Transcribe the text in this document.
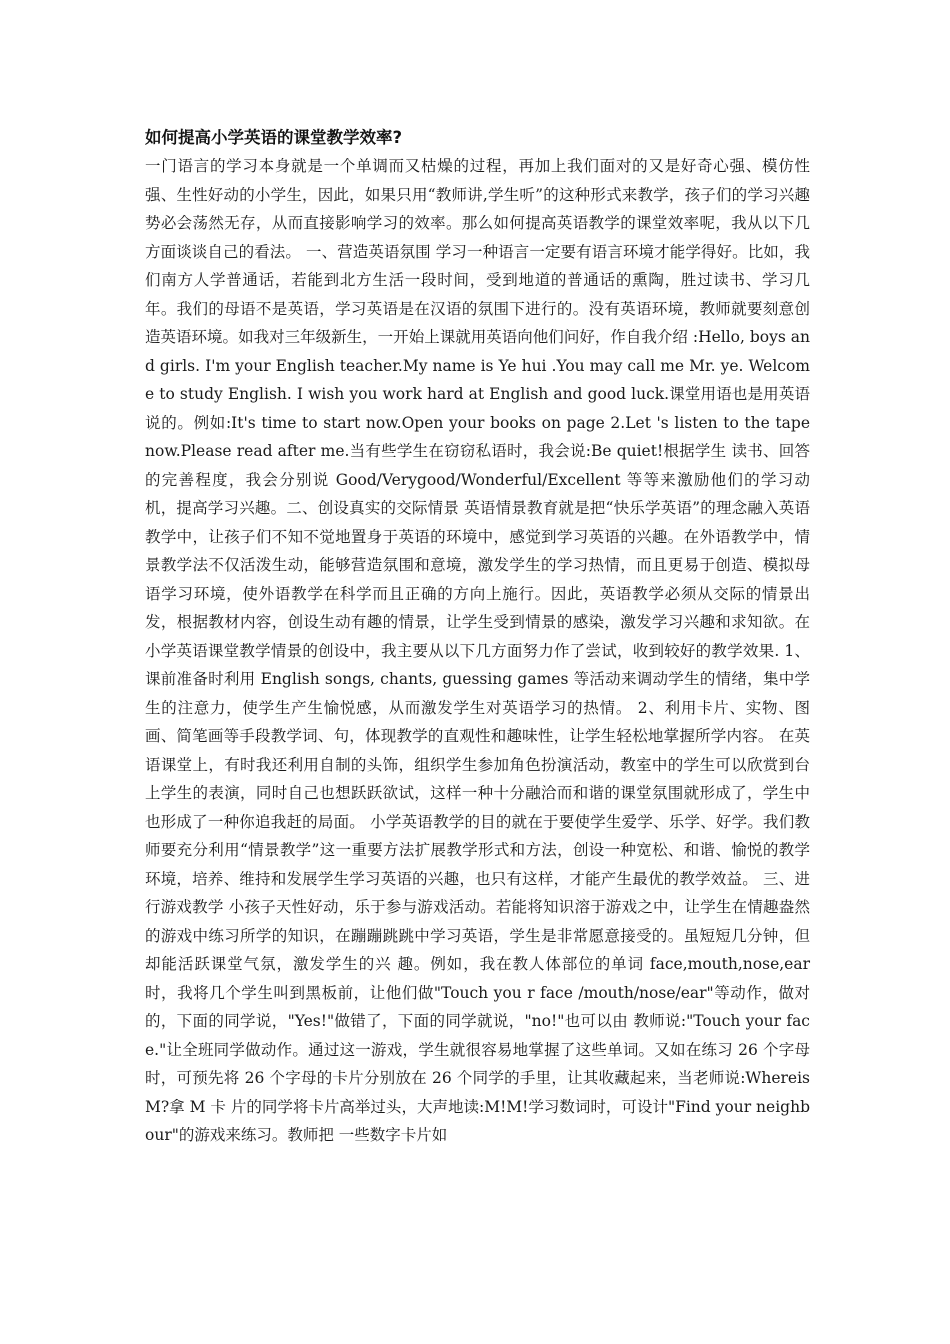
如何提高小学英语的课堂教学效率?

一门语言的学习本身就是一个单调而又枯燥的过程，再加上我们面对的又是好奇心强、模仿性强、生性好动的小学生，因此，如果只用“教师讲,学生听”的这种形式来教学，孩子们的学习兴趣势必会荡然无存，从而直接影响学习的效率。那么如何提高英语教学的课堂效率呢，我从以下几方面谈谈自己的看法。 一、营造英语氛围 学习一种语言一定要有语言环境才能学得好。比如，我们南方人学普通话，若能到北方生活一段时间，受到地道的普通话的熏陶，胜过读书、学习几年。我们的母语不是英语，学习英语是在汉语的氛围下进行的。没有英语环境，教师就要刻意创造英语环境。如我对三年级新生，一开始上课就用英语向他们问好，作自我介绍 :Hello, boys and girls. I'm your English teacher.My name is Ye hui .You may call me Mr. ye. Welcome to study English. I wish you work hard at English and good luck.课堂用语也是用英语说的。例如:It's time to start now.Open your books on page 2.Let 's listen to the tape now.Please read after me.当有些学生在窃窃私语时，我会说:Be quiet!根据学生 读书、回答的完善程度，我会分别说 Good/Verygood/Wonderful/Excellent 等等来激励他们的学习动机，提高学习兴趣。二、创设真实的交际情景 英语情景教育就是把“快乐学英语”的理念融入英语教学中，让孩子们不知不觉地置身于英语的环境中，感觉到学习英语的兴趣。在外语教学中，情景教学法不仅活泼生动，能够营造氛围和意境，激发学生的学习热情，而且更易于创造、模拟母语学习环境，使外语教学在科学而且正确的方向上施行。因此，英语教学必须从交际的情景出发，根据教材内容，创设生动有趣的情景，让学生受到情景的感染，激发学习兴趣和求知欲。在小学英语课堂教学情景的创设中，我主要从以下几方面努力作了尝试，收到较好的教学效果. 1、课前准备时利用 English songs, chants, guessing games 等活动来调动学生的情绪，集中学生的注意力，使学生产生愉悦感，从而激发学生对英语学习的热情。 2、利用卡片、实物、图画、简笔画等手段教学词、句，体现教学的直观性和趣味性，让学生轻松地掌握所学内容。 在英语课堂上，有时我还利用自制的头饰，组织学生参加角色扮演活动，教室中的学生可以欣赏到台上学生的表演，同时自己也想跃跃欲试，这样一种十分融洽而和谐的课堂氛围就形成了，学生中也形成了一种你追我赶的局面。 小学英语教学的目的就在于要使学生爱学、乐学、好学。我们教师要充分利用“情景教学”这一重要方法扩展教学形式和方法，创设一种宽松、和谐、愉悦的教学环境，培养、维持和发展学生学习英语的兴趣，也只有这样，才能产生最优的教学效益。 三、进行游戏教学 小孩子天性好动，乐于参与游戏活动。若能将知识溶于游戏之中，让学生在情趣盎然的游戏中练习所学的知识，在蹦蹦跳跳中学习英语，学生是非常愿意接受的。虽短短几分钟，但却能活跃课堂气氛，激发学生的兴 趣。例如，我在教人体部位的单词 face,mouth,nose,ear 时，我将几个学生叫到黑板前，让他们做"Touch you r face /mouth/nose/ear"等动作，做对的，下面的同学说，"Yes!"做错了，下面的同学就说，"no!"也可以由 教师说:"Touch your face."让全班同学做动作。通过这一游戏，学生就很容易地掌握了这些单词。又如在练习 26 个字母时，可预先将 26 个字母的卡片分别放在 26 个同学的手里，让其收藏起来，当老师说:Whereis M?拿 M 卡 片的同学将卡片高举过头，大声地读:M!M!学习数词时，可设计"Find your neighbour"的游戏来练习。教师把 一些数字卡片如
